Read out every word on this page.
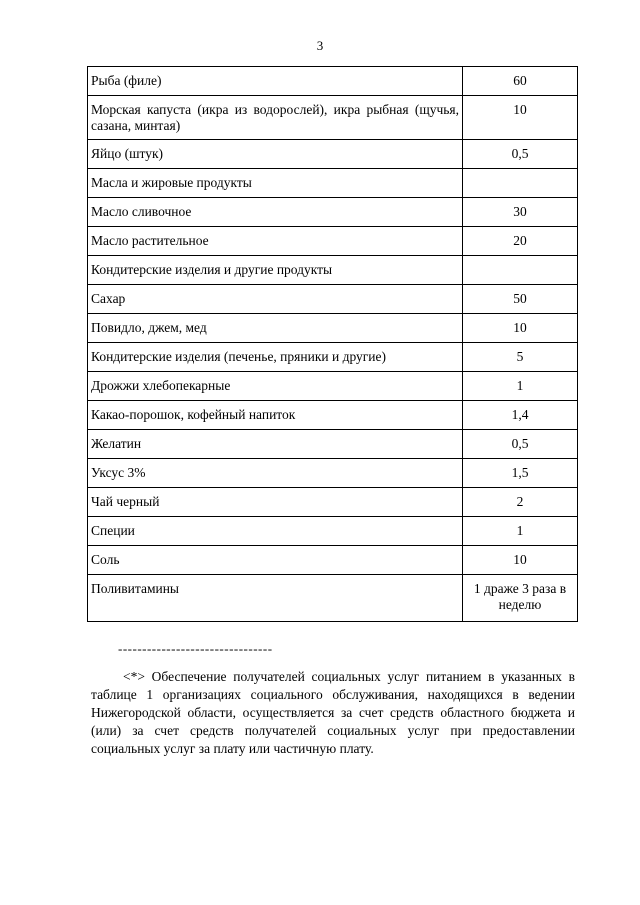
3
Рыба (филе)	60
Морская капуста (икра из водорослей), икра рыбная (щучья, сазана, минтая)	10
Яйцо (штук)	0,5
Масла и жировые продукты	
Масло сливочное	30
Масло растительное	20
Кондитерские изделия и другие продукты	
Сахар	50
Повидло, джем, мед	10
Кондитерские изделия (печенье, пряники и другие)	5
Дрожжи хлебопекарные	1
Какао-порошок, кофейный напиток	1,4
Желатин	0,5
Уксус 3%	1,5
Чай черный	2
Специи	1
Соль	10
Поливитамины	1 драже 3 раза в неделю
--------------------------------

<*> Обеспечение получателей социальных услуг питанием в указанных в таблице 1 организациях социального обслуживания, находящихся в ведении Нижегородской области, осуществляется за счет средств областного бюджета и (или) за счет средств получателей социальных услуг при предоставлении социальных услуг за плату или частичную плату.
